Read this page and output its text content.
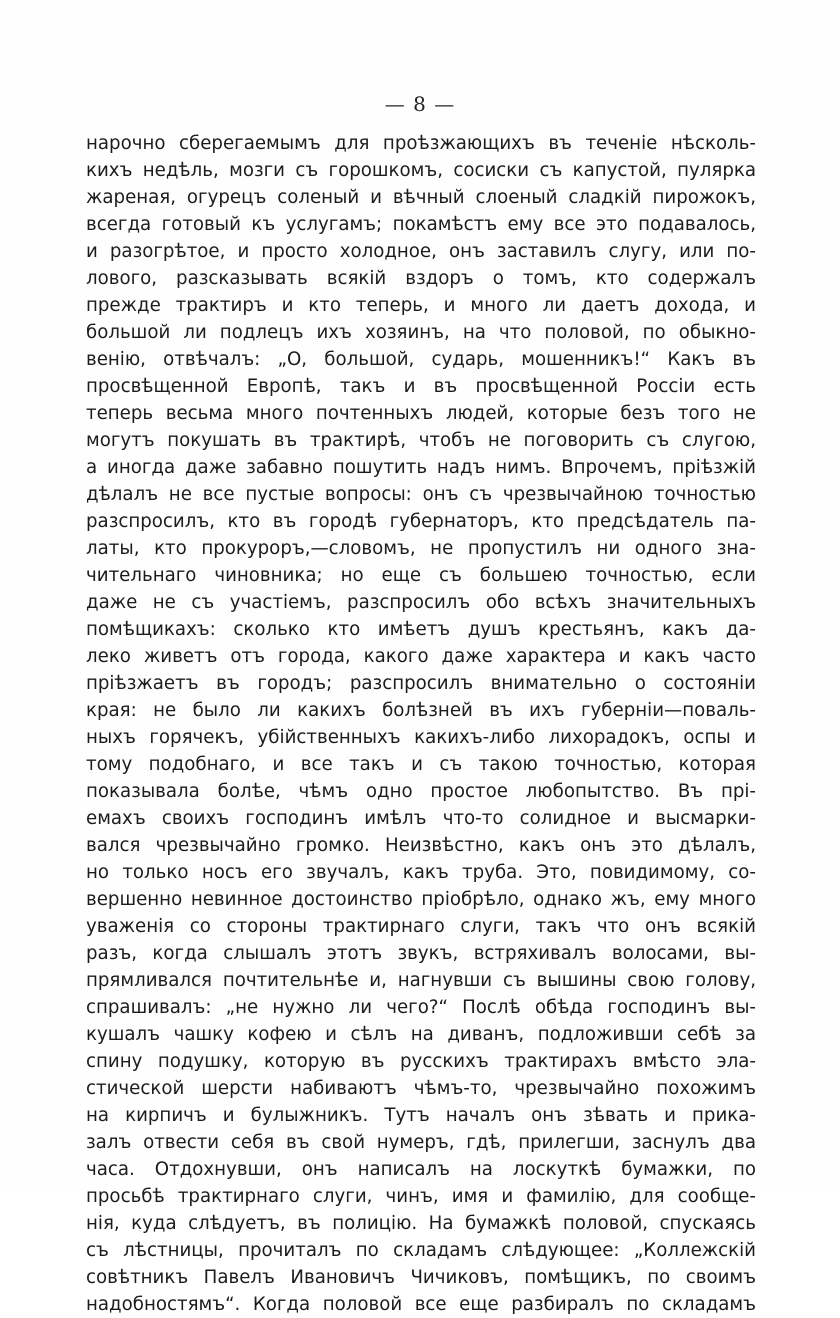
— 8 —
нарочно сберегаемымъ для проѣзжающихъ въ теченіе нѣсколь-
кихъ недѣль, мозги съ горошкомъ, сосиски съ капустой, пулярка
жареная, огурецъ соленый и вѣчный слоеный сладкій пирожокъ,
всегда готовый къ услугамъ; покамѣстъ ему все это подавалось,
и разогрѣтое, и просто холодное, онъ заставилъ слугу, или по-
лового, разсказывать всякій вздоръ о томъ, кто содержалъ
прежде трактиръ и кто теперь, и много ли даетъ дохода, и
большой ли подлецъ ихъ хозяинъ, на что половой, по обыкно-
венію, отвѣчалъ: „О, большой, сударь, мошенникъ!“ Какъ въ
просвѣщенной Европѣ, такъ и въ просвѣщенной Россіи есть
теперь весьма много почтенныхъ людей, которые безъ того не
могутъ покушать въ трактирѣ, чтобъ не поговорить съ слугою,
а иногда даже забавно пошутить надъ нимъ. Впрочемъ, пріѣзжій
дѣлалъ не все пустые вопросы: онъ съ чрезвычайною точностью
разспросилъ, кто въ городѣ губернаторъ, кто предсѣдатель па-
латы, кто прокуроръ,—словомъ, не пропустилъ ни одного зна-
чительнаго чиновника; но еще съ большею точностью, если
даже не съ участіемъ, разспросилъ обо всѣхъ значительныхъ
помѣщикахъ: сколько кто имѣетъ душъ крестьянъ, какъ да-
леко живетъ отъ города, какого даже характера и какъ часто
пріѣзжаетъ въ городъ; разспросилъ внимательно о состояніи
края: не было ли какихъ болѣзней въ ихъ губерніи—поваль-
ныхъ горячекъ, убійственныхъ какихъ-либо лихорадокъ, оспы и
тому подобнаго, и все такъ и съ такою точностью, которая
показывала болѣе, чѣмъ одно простое любопытство. Въ прі-
емахъ своихъ господинъ имѣлъ что-то солидное и высмарки-
вался чрезвычайно громко. Неизвѣстно, какъ онъ это дѣлалъ,
но только носъ его звучалъ, какъ труба. Это, повидимому, со-
вершенно невинное достоинство пріобрѣло, однако жъ, ему много
уваженія со стороны трактирнаго слуги, такъ что онъ всякій
разъ, когда слышалъ этотъ звукъ, встряхивалъ волосами, вы-
прямливался почтительнѣе и, нагнувши съ вышины свою голову,
спрашивалъ: „не нужно ли чего?“ Послѣ обѣда господинъ вы-
кушалъ чашку кофею и сѣлъ на диванъ, подложивши себѣ за
спину подушку, которую въ русскихъ трактирахъ вмѣсто эла-
стической шерсти набиваютъ чѣмъ-то, чрезвычайно похожимъ
на кирпичъ и булыжникъ. Тутъ началъ онъ зѣвать и прика-
залъ отвести себя въ свой нумеръ, гдѣ, прилегши, заснулъ два
часа. Отдохнувши, онъ написалъ на лоскуткѣ бумажки, по
просьбѣ трактирнаго слуги, чинъ, имя и фамилію, для сообще-
нія, куда слѣдуетъ, въ полицію. На бумажкѣ половой, спускаясь
съ лѣстницы, прочиталъ по складамъ слѣдующее: „Коллежскій
совѣтникъ Павелъ Ивановичъ Чичиковъ, помѣщикъ, по своимъ
надобностямъ“. Когда половой все еще разбиралъ по складамъ
